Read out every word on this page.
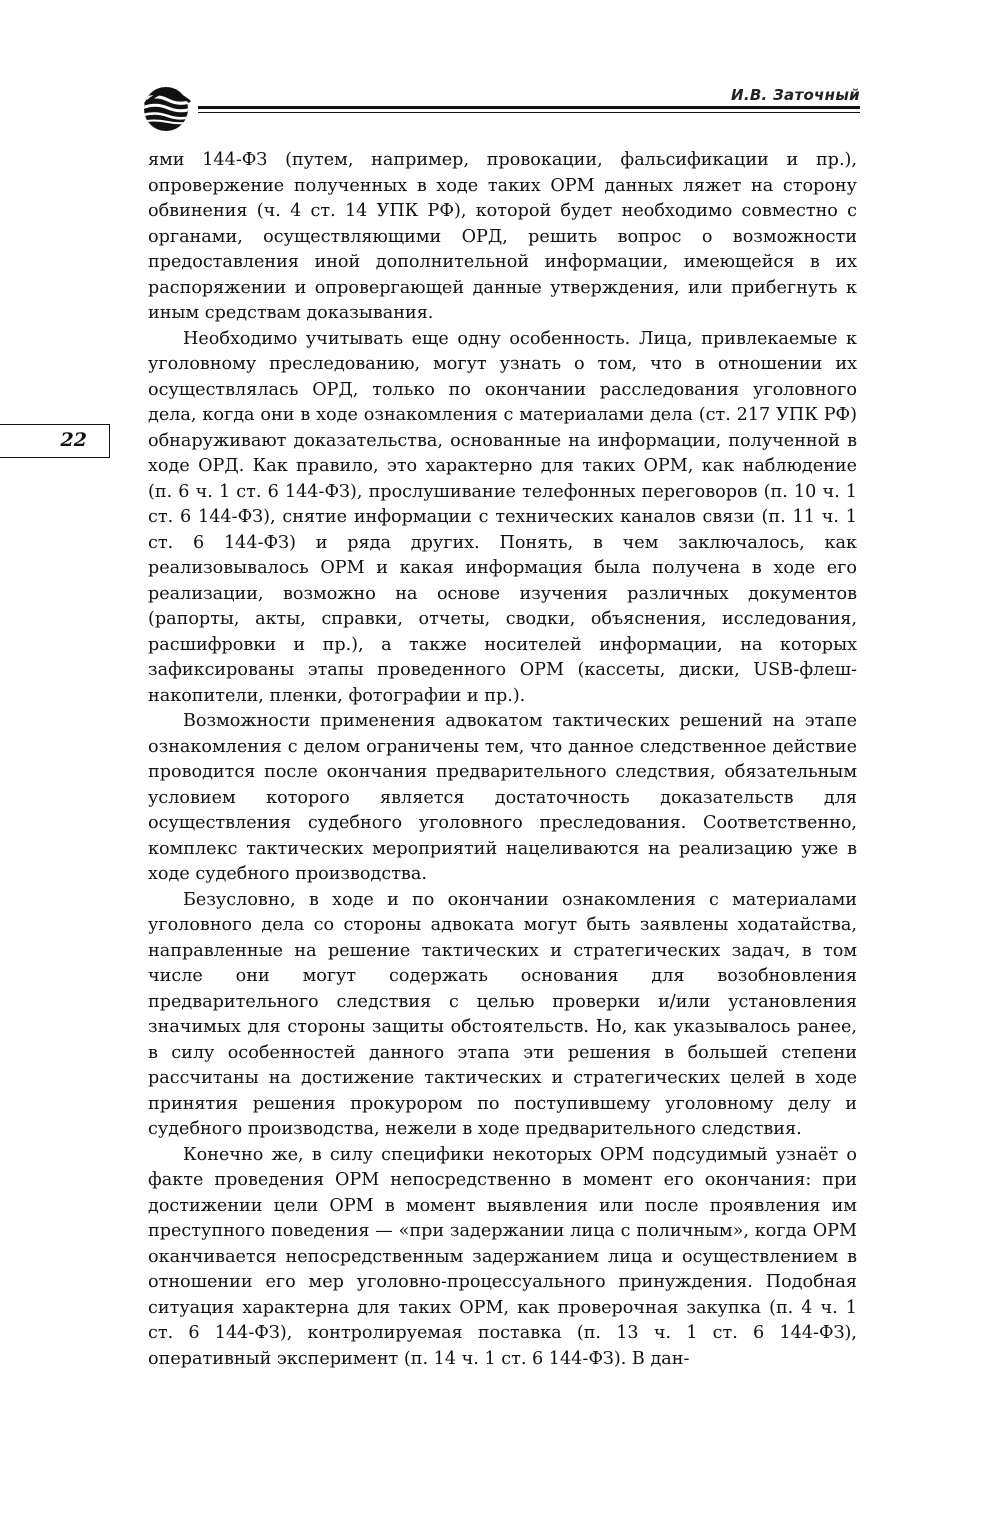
И.В. Заточный
22

ями 144-ФЗ (путем, например, провокации, фальсификации и пр.), опровержение полученных в ходе таких ОРМ данных ляжет на сторону обвинения (ч. 4 ст. 14 УПК РФ), которой будет необходимо совместно с органами, осуществляющими ОРД, решить вопрос о возможности предоставления иной дополнительной информации, имеющейся в их распоряжении и опровергающей данные утверждения, или прибегнуть к иным средствам доказывания.

Необходимо учитывать еще одну особенность. Лица, привлекаемые к уголовному преследованию, могут узнать о том, что в отношении их осуществлялась ОРД, только по окончании расследования уголовного дела, когда они в ходе ознакомления с материалами дела (ст. 217 УПК РФ) обнаруживают доказательства, основанные на информации, полученной в ходе ОРД. Как правило, это характерно для таких ОРМ, как наблюдение (п. 6 ч. 1 ст. 6 144-ФЗ), прослушивание телефонных переговоров (п. 10 ч. 1 ст. 6 144-ФЗ), снятие информации с технических каналов связи (п. 11 ч. 1 ст. 6 144-ФЗ) и ряда других. Понять, в чем заключалось, как реализовывалось ОРМ и какая информация была получена в ходе его реализации, возможно на основе изучения различных документов (рапорты, акты, справки, отчеты, сводки, объяснения, исследования, расшифровки и пр.), а также носителей информации, на которых зафиксированы этапы проведенного ОРМ (кассеты, диски, USB-флеш-накопители, пленки, фотографии и пр.).

Возможности применения адвокатом тактических решений на этапе ознакомления с делом ограничены тем, что данное следственное действие проводится после окончания предварительного следствия, обязательным условием которого является достаточность доказательств для осуществления судебного уголовного преследования. Соответственно, комплекс тактических мероприятий нацеливаются на реализацию уже в ходе судебного производства.

Безусловно, в ходе и по окончании ознакомления с материалами уголовного дела со стороны адвоката могут быть заявлены ходатайства, направленные на решение тактических и стратегических задач, в том числе они могут содержать основания для возобновления предварительного следствия с целью проверки и/или установления значимых для стороны защиты обстоятельств. Но, как указывалось ранее, в силу особенностей данного этапа эти решения в большей степени рассчитаны на достижение тактических и стратегических целей в ходе принятия решения прокурором по поступившему уголовному делу и судебного производства, нежели в ходе предварительного следствия.

Конечно же, в силу специфики некоторых ОРМ подсудимый узнаёт о факте проведения ОРМ непосредственно в момент его окончания: при достижении цели ОРМ в момент выявления или после проявления им преступного поведения — «при задержании лица с поличным», когда ОРМ оканчивается непосредственным задержанием лица и осуществлением в отношении его мер уголовно-процессуального принуждения. Подобная ситуация характерна для таких ОРМ, как проверочная закупка (п. 4 ч. 1 ст. 6 144-ФЗ), контролируемая поставка (п. 13 ч. 1 ст. 6 144-ФЗ), оперативный эксперимент (п. 14 ч. 1 ст. 6 144-ФЗ). В дан-
